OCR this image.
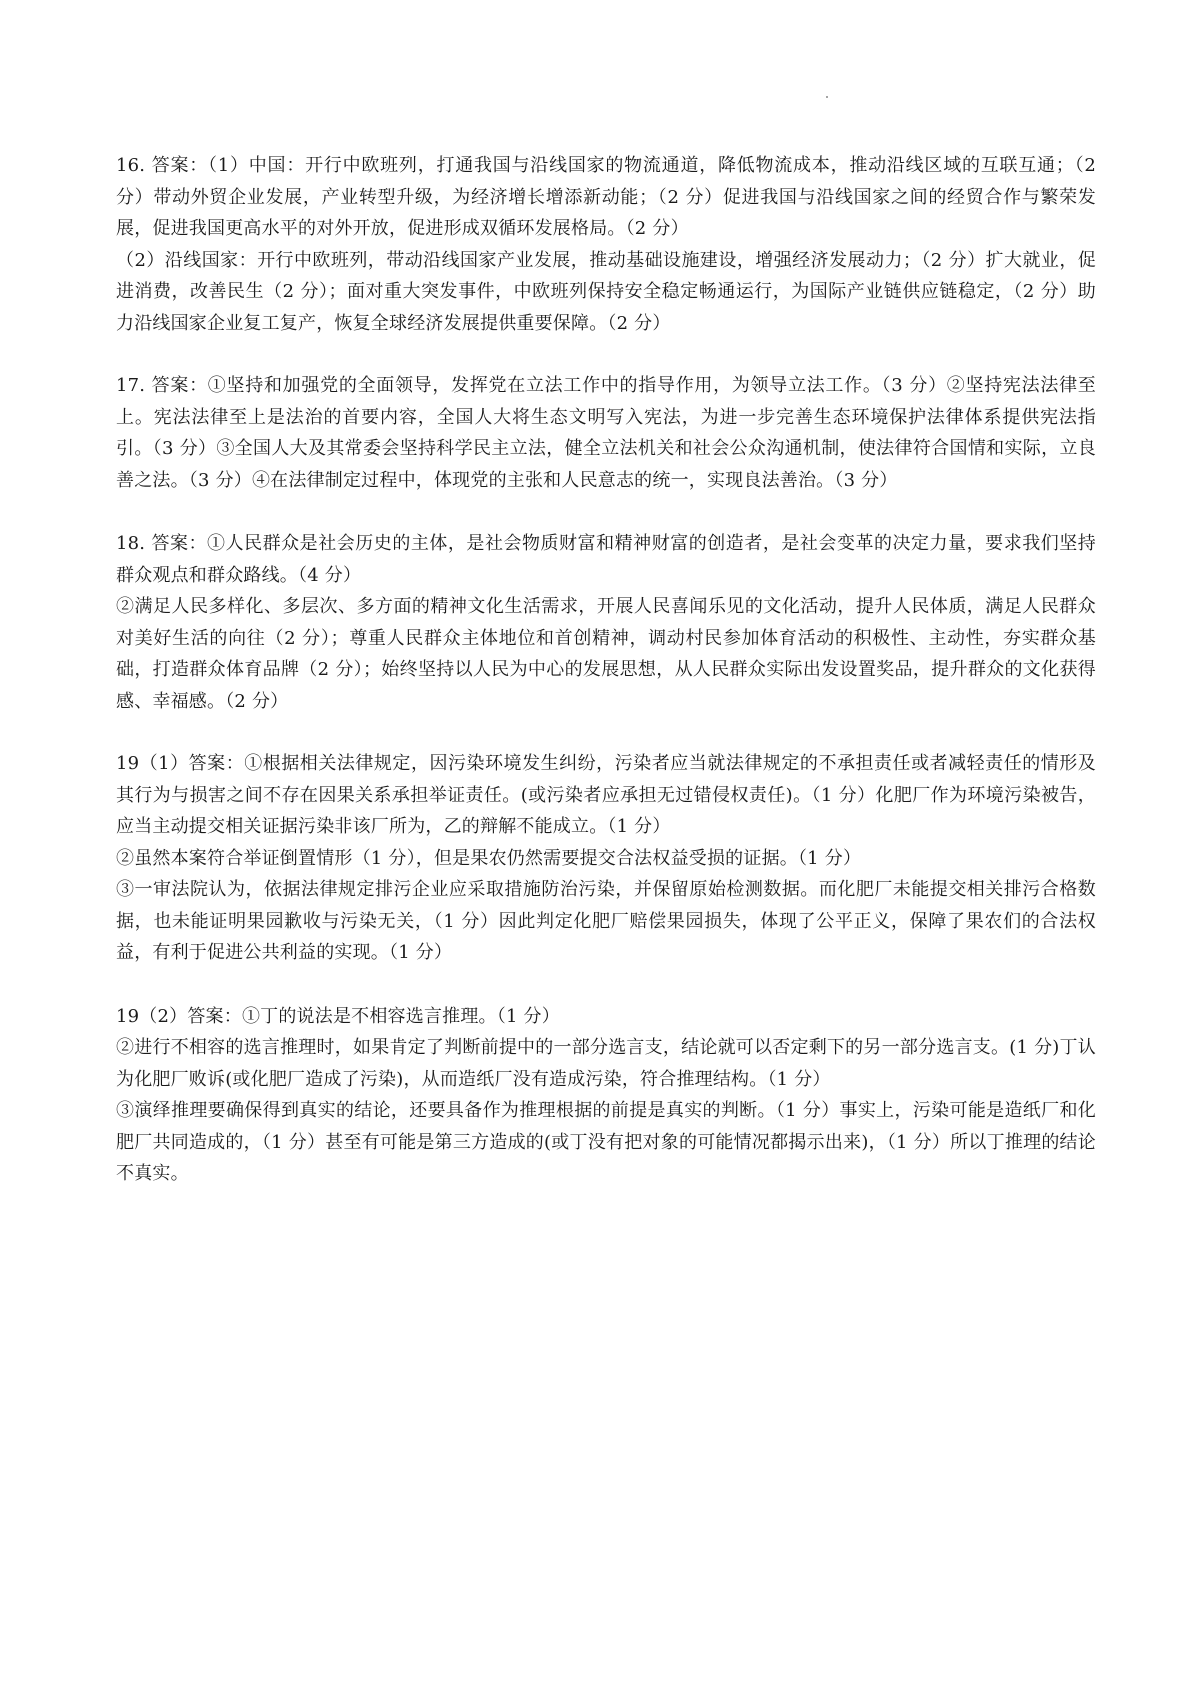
16. 答案：（1）中国：开行中欧班列，打通我国与沿线国家的物流通道，降低物流成本，推动沿线区域的互联互通；（2 分）带动外贸企业发展，产业转型升级，为经济增长增添新动能；（2 分）促进我国与沿线国家之间的经贸合作与繁荣发展，促进我国更高水平的对外开放，促进形成双循环发展格局。（2 分）

（2）沿线国家：开行中欧班列，带动沿线国家产业发展，推动基础设施建设，增强经济发展动力；（2 分）扩大就业，促进消费，改善民生（2 分）；面对重大突发事件，中欧班列保持安全稳定畅通运行，为国际产业链供应链稳定，（2 分）助力沿线国家企业复工复产，恢复全球经济发展提供重要保障。（2 分）

17. 答案：①坚持和加强党的全面领导，发挥党在立法工作中的指导作用，为领导立法工作。（3 分）②坚持宪法法律至上。宪法法律至上是法治的首要内容，全国人大将生态文明写入宪法，为进一步完善生态环境保护法律体系提供宪法指引。（3 分）③全国人大及其常委会坚持科学民主立法，健全立法机关和社会公众沟通机制，使法律符合国情和实际，立良善之法。（3 分）④在法律制定过程中，体现党的主张和人民意志的统一，实现良法善治。（3 分）

18. 答案：①人民群众是社会历史的主体，是社会物质财富和精神财富的创造者，是社会变革的决定力量，要求我们坚持群众观点和群众路线。（4 分）

②满足人民多样化、多层次、多方面的精神文化生活需求，开展人民喜闻乐见的文化活动，提升人民体质，满足人民群众对美好生活的向往（2 分）；尊重人民群众主体地位和首创精神，调动村民参加体育活动的积极性、主动性，夯实群众基础，打造群众体育品牌（2 分）；始终坚持以人民为中心的发展思想，从人民群众实际出发设置奖品，提升群众的文化获得感、幸福感。（2 分）

19（1）答案：①根据相关法律规定，因污染环境发生纠纷，污染者应当就法律规定的不承担责任或者减轻责任的情形及其行为与损害之间不存在因果关系承担举证责任。(或污染者应承担无过错侵权责任)。（1 分）化肥厂作为环境污染被告，应当主动提交相关证据污染非该厂所为，乙的辩解不能成立。（1 分）

②虽然本案符合举证倒置情形（1 分），但是果农仍然需要提交合法权益受损的证据。（1 分）

③一审法院认为，依据法律规定排污企业应采取措施防治污染，并保留原始检测数据。而化肥厂未能提交相关排污合格数据，也未能证明果园歉收与污染无关，（1 分）因此判定化肥厂赔偿果园损失，体现了公平正义，保障了果农们的合法权益，有利于促进公共利益的实现。（1 分）

19（2）答案：①丁的说法是不相容选言推理。（1 分）

②进行不相容的选言推理时，如果肯定了判断前提中的一部分选言支，结论就可以否定剩下的另一部分选言支。(1 分)丁认为化肥厂败诉(或化肥厂造成了污染)，从而造纸厂没有造成污染，符合推理结构。（1 分）

③演绎推理要确保得到真实的结论，还要具备作为推理根据的前提是真实的判断。（1 分）事实上，污染可能是造纸厂和化肥厂共同造成的，（1 分）甚至有可能是第三方造成的(或丁没有把对象的可能情况都揭示出来)，（1 分）所以丁推理的结论不真实。
